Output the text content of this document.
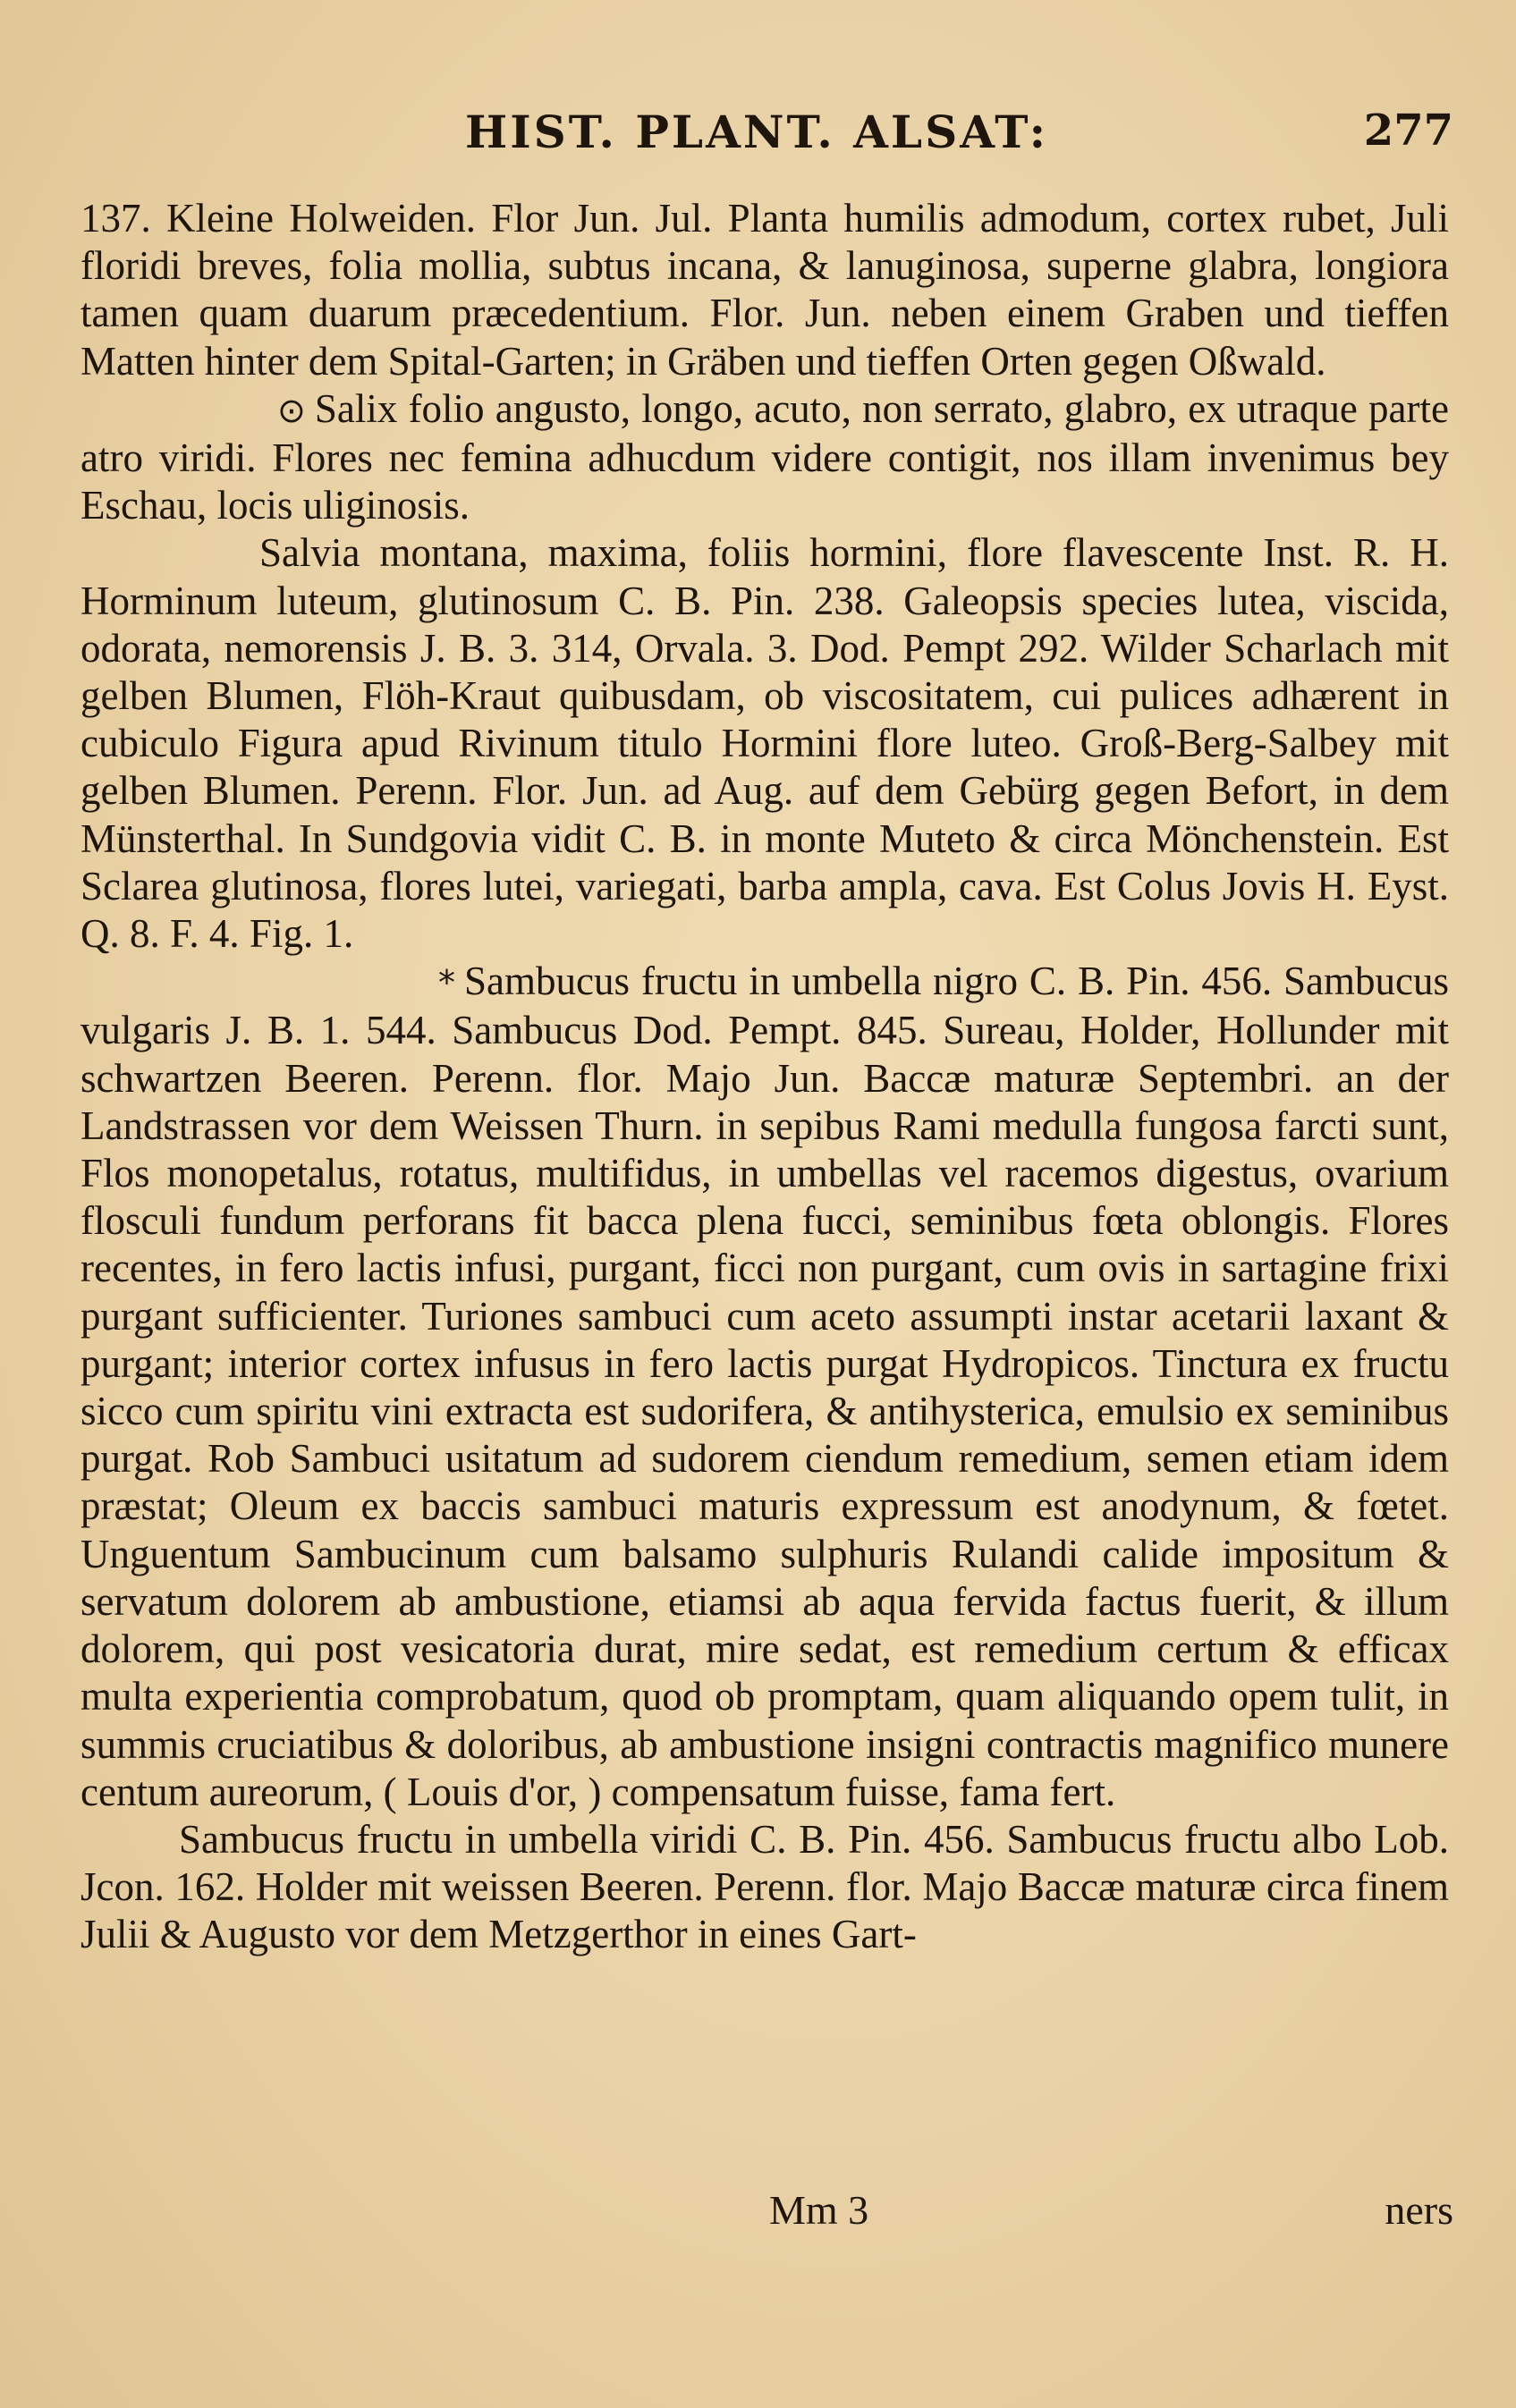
HIST. PLANT. ALSAT:	277

137. Kleine Holweiden. Flor Jun. Jul. Planta humilis admodum, cortex rubet, Juli floridi breves, folia mollia, subtus incana, & lanuginosa, superne glabra, longiora tamen quam duarum præcedentium. Flor. Jun. neben einem Graben und tieffen Matten hinter dem Spital-Garten; in Gräben und tieffen Orten gegen Oßwald.

⊙ Salix folio angusto, longo, acuto, non serrato, glabro, ex utraque parte atro viridi. Flores nec femina adhucdum videre contigit, nos illam invenimus bey Eschau, locis uliginosis.

Salvia montana, maxima, foliis hormini, flore flavescente Inst. R. H. Horminum luteum, glutinosum C. B. Pin. 238. Galeopsis species lutea, viscida, odorata, nemorensis J. B. 3. 314, Orvala. 3. Dod. Pempt 292. Wilder Scharlach mit gelben Blumen, Flöh-Kraut quibusdam, ob viscositatem, cui pulices adhærent in cubiculo Figura apud Rivinum titulo Hormini flore luteo. Groß-Berg-Salbey mit gelben Blumen. Perenn. Flor. Jun. ad Aug. auf dem Gebürg gegen Befort, in dem Münsterthal. In Sundgovia vidit C. B. in monte Muteto & circa Mönchenstein. Est Sclarea glutinosa, flores lutei, variegati, barba ampla, cava. Est Colus Jovis H. Eyst. Q. 8. F. 4. Fig. 1.

* Sambucus fructu in umbella nigro C. B. Pin. 456. Sambucus vulgaris J. B. 1. 544. Sambucus Dod. Pempt. 845. Sureau, Holder, Hollunder mit schwartzen Beeren. Perenn. flor. Majo Jun. Baccæ maturæ Septembri. an der Landstrassen vor dem Weissen Thurn. in sepibus Rami medulla fungosa farcti sunt, Flos monopetalus, rotatus, multifidus, in umbellas vel racemos digestus, ovarium flosculi fundum perforans fit bacca plena fucci, seminibus fœta oblongis. Flores recentes, in fero lactis infusi, purgant, ficci non purgant, cum ovis in sartagine frixi purgant sufficienter. Turiones sambuci cum aceto assumpti instar acetarii laxant & purgant; interior cortex infusus in fero lactis purgat Hydropicos. Tinctura ex fructu sicco cum spiritu vini extracta est sudorifera, & antihysterica, emulsio ex seminibus purgat. Rob Sambuci usitatum ad sudorem ciendum remedium, semen etiam idem præstat; Oleum ex baccis sambuci maturis expressum est anodynum, & fœtet. Unguentum Sambucinum cum balsamo sulphuris Rulandi calide impositum & servatum dolorem ab ambustione, etiamsi ab aqua fervida factus fuerit, & illum dolorem, qui post vesicatoria durat, mire sedat, est remedium certum & efficax multa experientia comprobatum, quod ob promptam, quam aliquando opem tulit, in summis cruciatibus & doloribus, ab ambustione insigni contractis magnifico munere centum aureorum, ( Louis d'or, ) compensatum fuisse, fama fert.

Sambucus fructu in umbella viridi C. B. Pin. 456. Sambucus fructu albo Lob. Jcon. 162. Holder mit weissen Beeren. Perenn. flor. Majo Baccæ maturæ circa finem Julii & Augusto vor dem Metzgerthor in eines Gart-

Mm 3	ners
